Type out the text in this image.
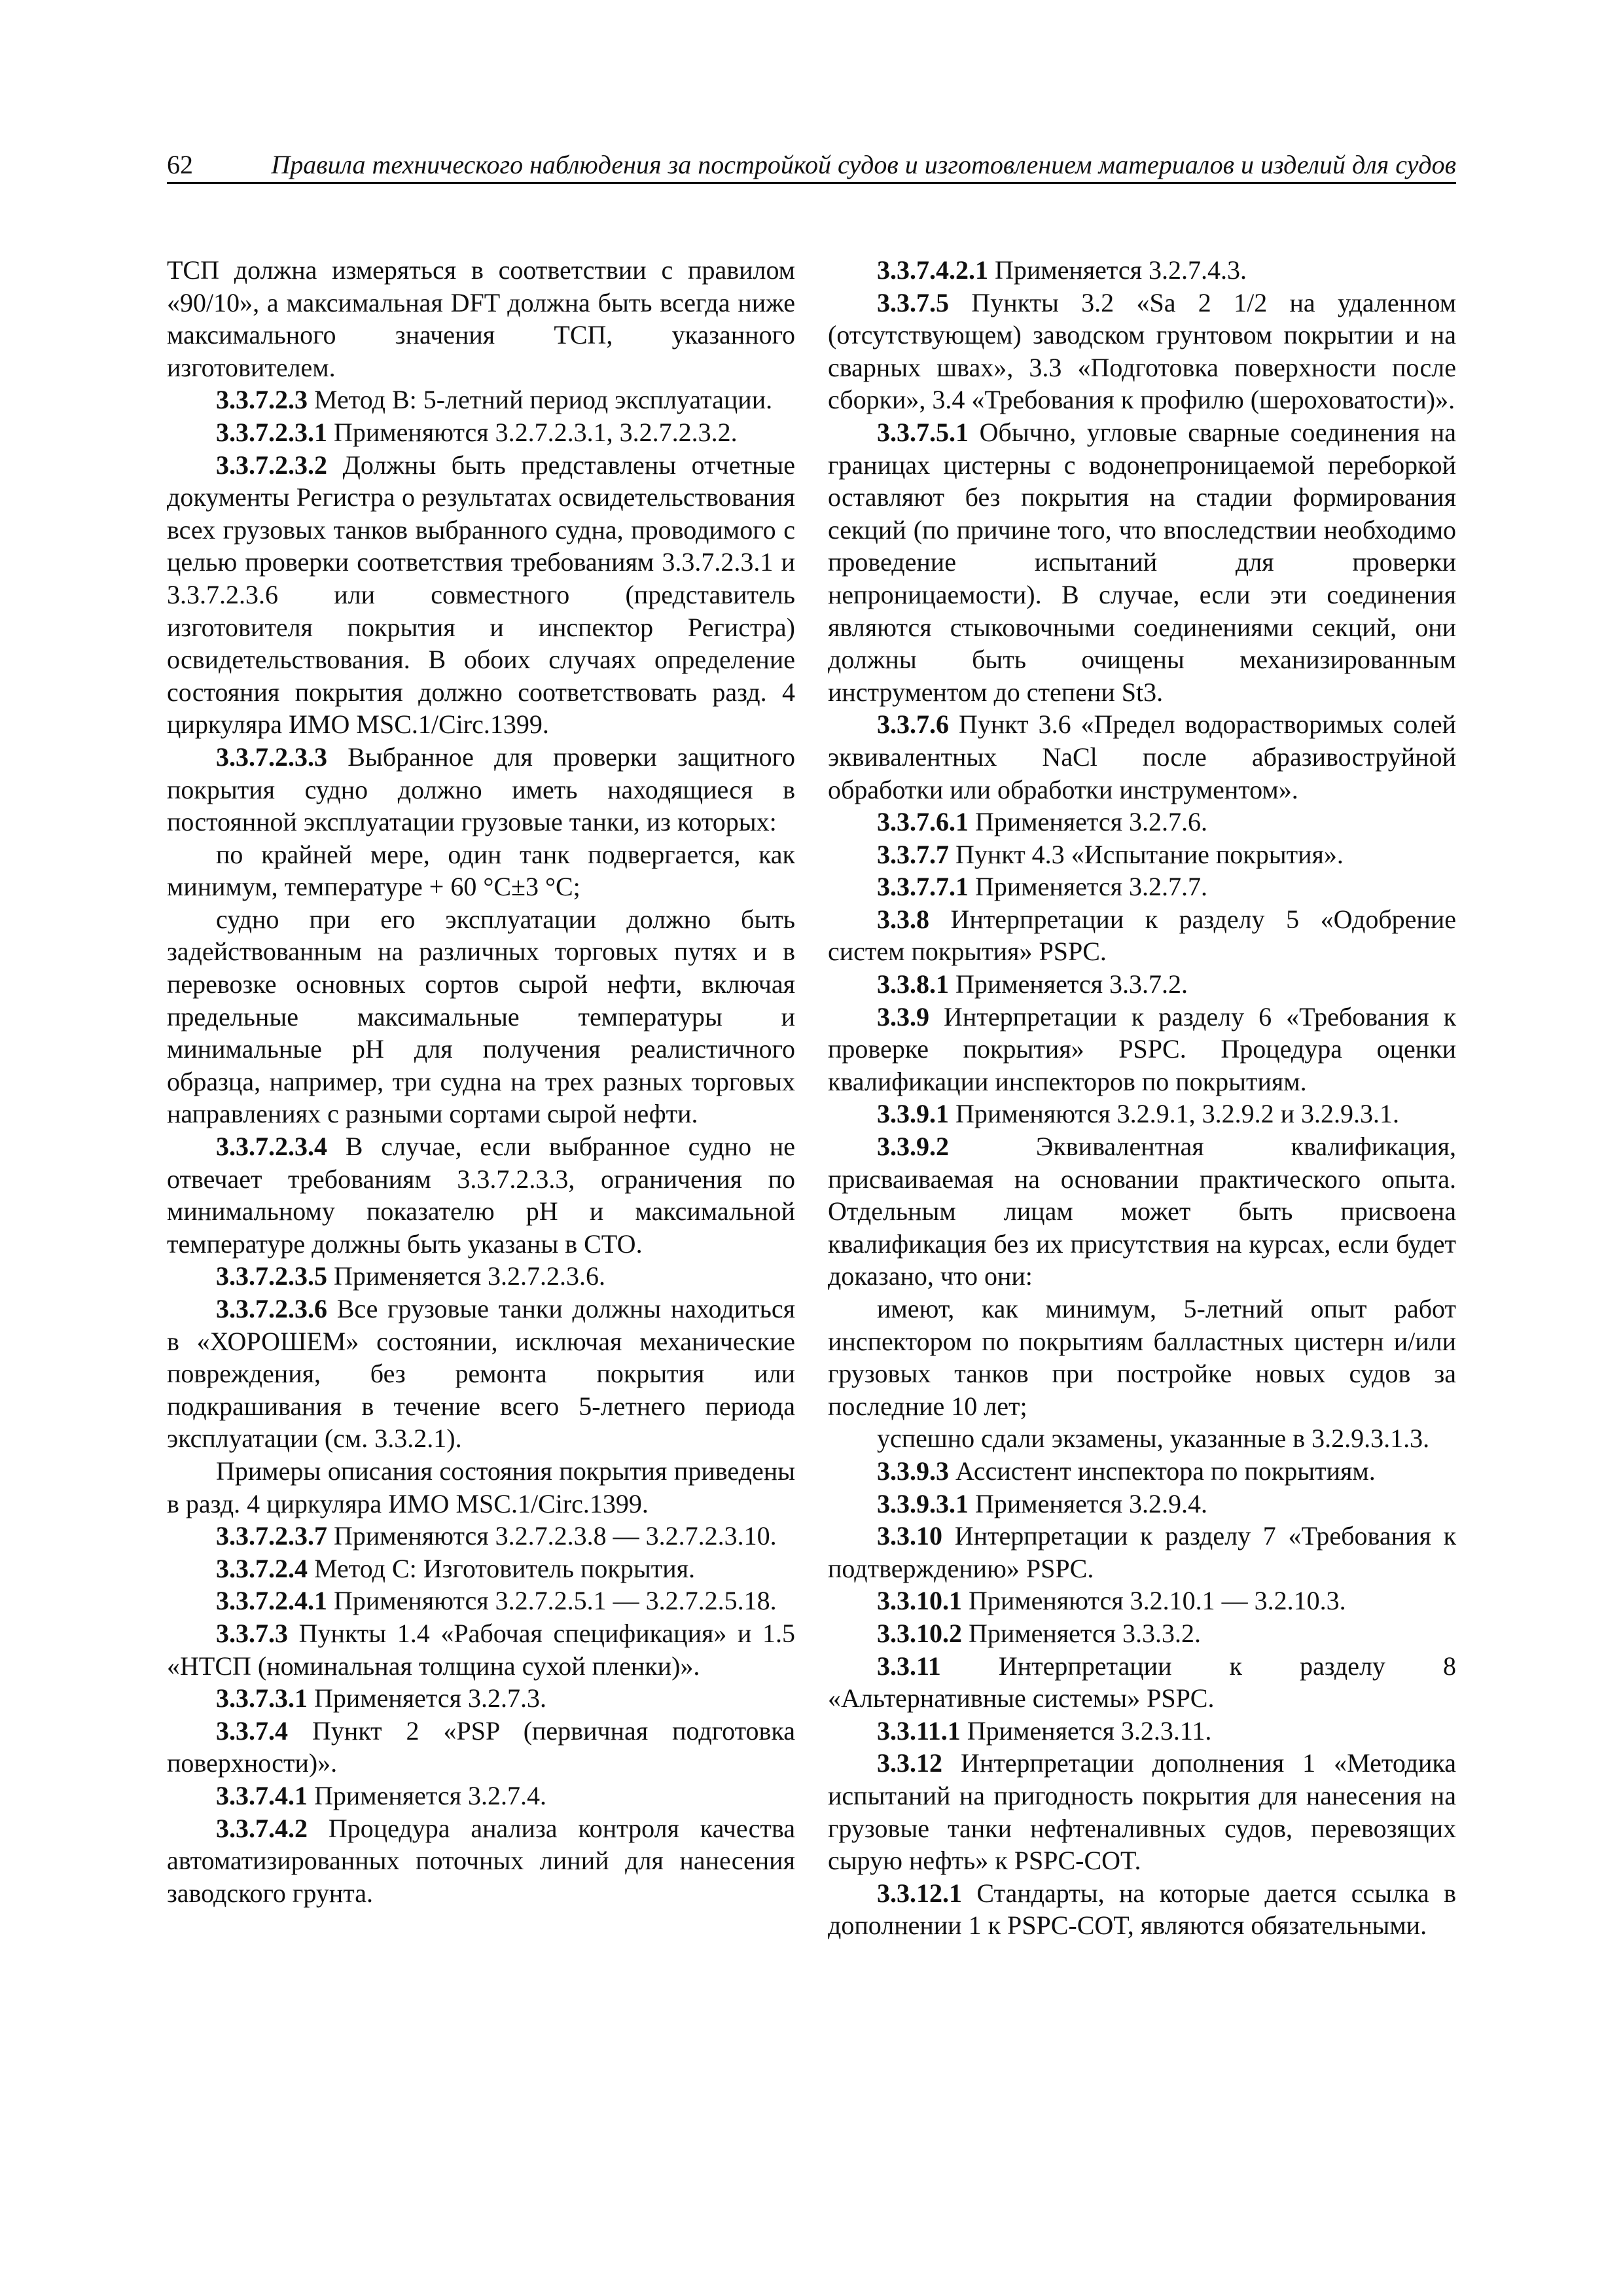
62	Правила технического наблюдения за постройкой судов и изготовлением материалов и изделий для судов

ТСП должна измеряться в соответствии с правилом «90/10», а максимальная DFT должна быть всегда ниже максимального значения ТСП, указанного изготовителем.

3.3.7.2.3 Метод В: 5-летний период эксплуатации.

3.3.7.2.3.1 Применяются 3.2.7.2.3.1, 3.2.7.2.3.2.

3.3.7.2.3.2 Должны быть представлены отчетные документы Регистра о результатах освидетельствования всех грузовых танков выбранного судна, проводимого с целью проверки соответствия требованиям 3.3.7.2.3.1 и 3.3.7.2.3.6 или совместного (представитель изготовителя покрытия и инспектор Регистра) освидетельствования. В обоих случаях определение состояния покрытия должно соответствовать разд. 4 циркуляра ИМО MSC.1/Circ.1399.

3.3.7.2.3.3 Выбранное для проверки защитного покрытия судно должно иметь находящиеся в постоянной эксплуатации грузовые танки, из которых:

по крайней мере, один танк подвергается, как минимум, температуре + 60 °C±3 °C;

судно при его эксплуатации должно быть задействованным на различных торговых путях и в перевозке основных сортов сырой нефти, включая предельные максимальные температуры и минимальные pH для получения реалистичного образца, например, три судна на трех разных торговых направлениях с разными сортами сырой нефти.

3.3.7.2.3.4 В случае, если выбранное судно не отвечает требованиям 3.3.7.2.3.3, ограничения по минимальному показателю pH и максимальной температуре должны быть указаны в СТО.

3.3.7.2.3.5 Применяется 3.2.7.2.3.6.

3.3.7.2.3.6 Все грузовые танки должны находиться в «ХОРОШЕМ» состоянии, исключая механические повреждения, без ремонта покрытия или подкрашивания в течение всего 5-летнего периода эксплуатации (см. 3.3.2.1).

Примеры описания состояния покрытия приведены в разд. 4 циркуляра ИМО MSC.1/Circ.1399.

3.3.7.2.3.7 Применяются 3.2.7.2.3.8 — 3.2.7.2.3.10.

3.3.7.2.4 Метод С: Изготовитель покрытия.

3.3.7.2.4.1 Применяются 3.2.7.2.5.1 — 3.2.7.2.5.18.

3.3.7.3 Пункты 1.4 «Рабочая спецификация» и 1.5 «НТСП (номинальная толщина сухой пленки)».

3.3.7.3.1 Применяется 3.2.7.3.

3.3.7.4 Пункт 2 «PSP (первичная подготовка поверхности)».

3.3.7.4.1 Применяется 3.2.7.4.

3.3.7.4.2 Процедура анализа контроля качества автоматизированных поточных линий для нанесения заводского грунта.

3.3.7.4.2.1 Применяется 3.2.7.4.3.

3.3.7.5 Пункты 3.2 «Sa 2 1/2 на удаленном (отсутствующем) заводском грунтовом покрытии и на сварных швах», 3.3 «Подготовка поверхности после сборки», 3.4 «Требования к профилю (шероховатости)».

3.3.7.5.1 Обычно, угловые сварные соединения на границах цистерны с водонепроницаемой переборкой оставляют без покрытия на стадии формирования секций (по причине того, что впоследствии необходимо проведение испытаний для проверки непроницаемости). В случае, если эти соединения являются стыковочными соединениями секций, они должны быть очищены механизированным инструментом до степени St3.

3.3.7.6 Пункт 3.6 «Предел водорастворимых солей эквивалентных NaCl после абразивоструйной обработки или обработки инструментом».

3.3.7.6.1 Применяется 3.2.7.6.

3.3.7.7 Пункт 4.3 «Испытание покрытия».

3.3.7.7.1 Применяется 3.2.7.7.

3.3.8 Интерпретации к разделу 5 «Одобрение систем покрытия» PSPC.

3.3.8.1 Применяется 3.3.7.2.

3.3.9 Интерпретации к разделу 6 «Требования к проверке покрытия» PSPC. Процедура оценки квалификации инспекторов по покрытиям.

3.3.9.1 Применяются 3.2.9.1, 3.2.9.2 и 3.2.9.3.1.

3.3.9.2 Эквивалентная квалификация, присваиваемая на основании практического опыта. Отдельным лицам может быть присвоена квалификация без их присутствия на курсах, если будет доказано, что они:

имеют, как минимум, 5-летний опыт работ инспектором по покрытиям балластных цистерн и/или грузовых танков при постройке новых судов за последние 10 лет;

успешно сдали экзамены, указанные в 3.2.9.3.1.3.

3.3.9.3 Ассистент инспектора по покрытиям.

3.3.9.3.1 Применяется 3.2.9.4.

3.3.10 Интерпретации к разделу 7 «Требования к подтверждению» PSPC.

3.3.10.1 Применяются 3.2.10.1 — 3.2.10.3.

3.3.10.2 Применяется 3.3.3.2.

3.3.11 Интерпретации к разделу 8 «Альтернативные системы» PSPC.

3.3.11.1 Применяется 3.2.3.11.

3.3.12 Интерпретации дополнения 1 «Методика испытаний на пригодность покрытия для нанесения на грузовые танки нефтеналивных судов, перевозящих сырую нефть» к PSPC-COT.

3.3.12.1 Стандарты, на которые дается ссылка в дополнении 1 к PSPC-COT, являются обязательными.
